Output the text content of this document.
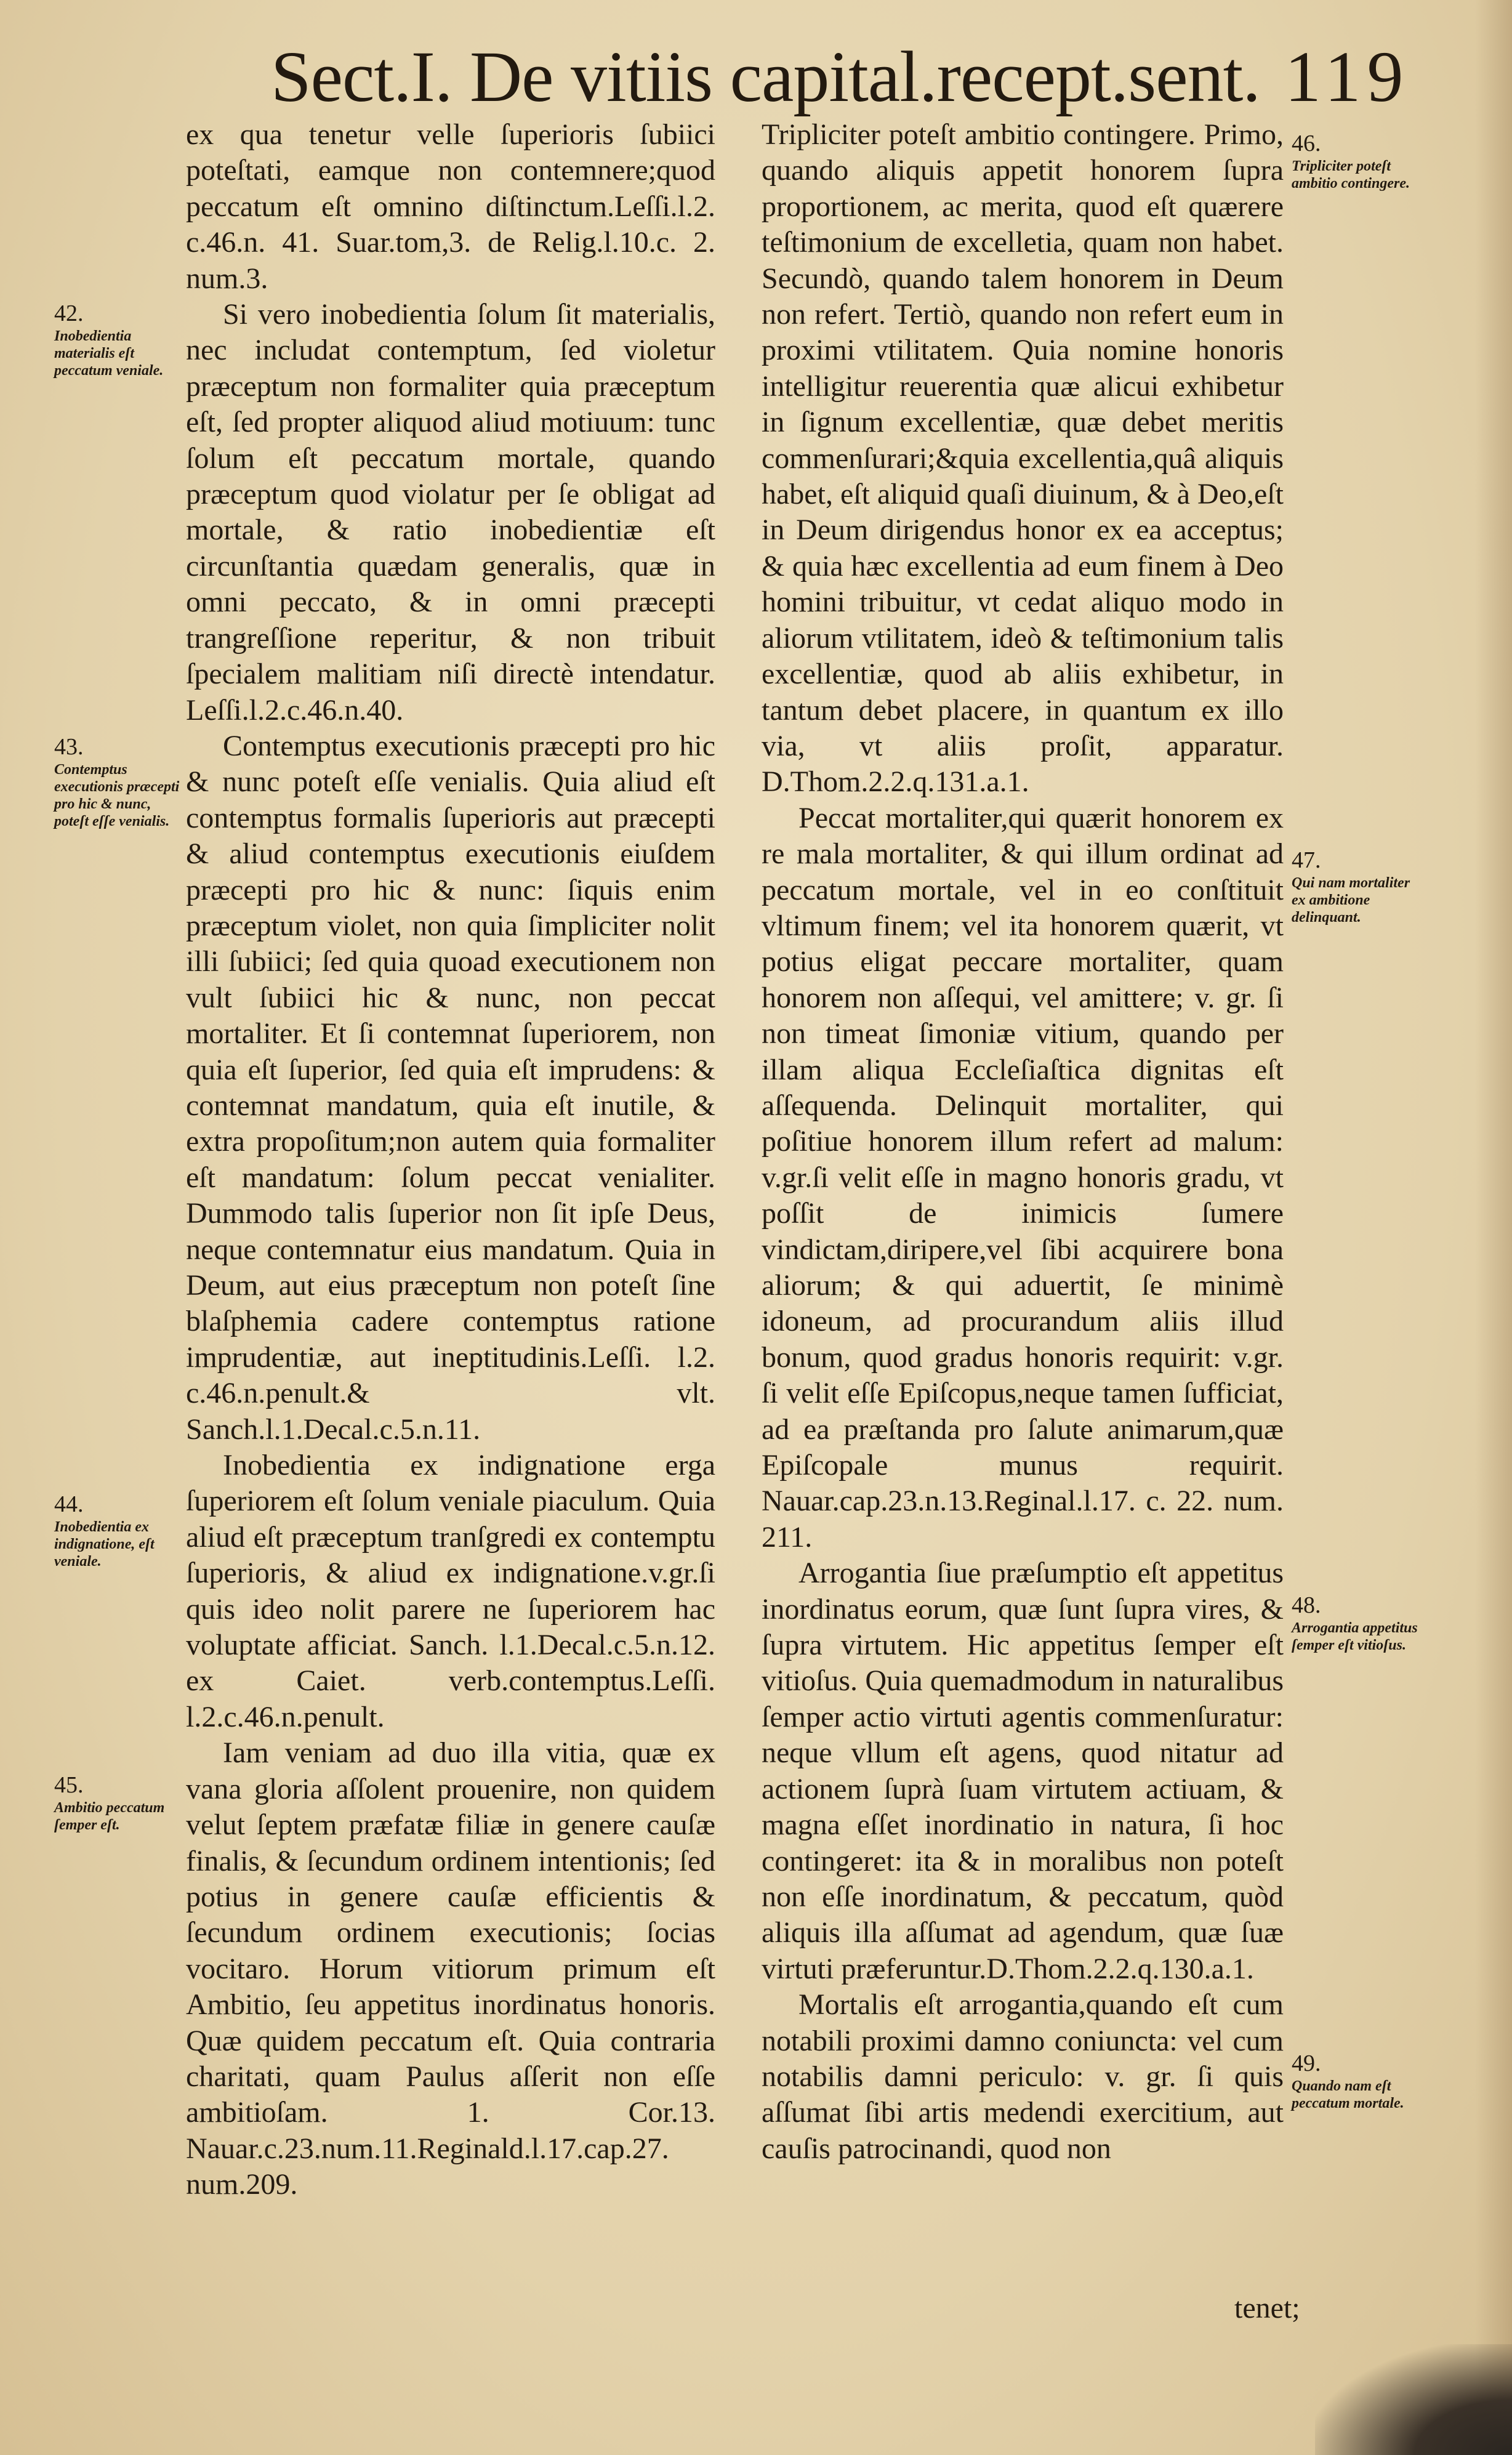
Sect.I. De vitiis capital.recept.sent. 119

ex qua tenetur velle ſuperioris ſubiici poteſtati, eamque non contemnere;quod peccatum eſt omnino diſtinctum.Leſſi.l.2. c.46.n. 41. Suar.tom,3. de Relig.l.10.c. 2. num.3.

Si vero inobedientia ſolum ſit materialis, nec includat contemptum, ſed violetur præceptum non formaliter quia præceptum eſt, ſed propter aliquod aliud motiuum: tunc ſolum eſt peccatum mortale, quando præceptum quod violatur per ſe obligat ad mortale, & ratio inobedientiæ eſt circunſtantia quædam generalis, quæ in omni peccato, & in omni præcepti trangreſſione reperitur, & non tribuit ſpecialem malitiam niſi directè intendatur. Leſſi.l.2.c.46.n.40.

Contemptus executionis præcepti pro hic & nunc poteſt eſſe venialis. Quia aliud eſt contemptus formalis ſuperioris aut præcepti & aliud contemptus executionis eiuſdem præcepti pro hic & nunc: ſiquis enim præceptum violet, non quia ſimpliciter nolit illi ſubiici; ſed quia quoad executionem non vult ſubiici hic & nunc, non peccat mortaliter. Et ſi contemnat ſuperiorem, non quia eſt ſuperior, ſed quia eſt imprudens: & contemnat mandatum, quia eſt inutile, & extra propoſitum;non autem quia formaliter eſt mandatum: ſolum peccat venialiter. Dummodo talis ſuperior non ſit ipſe Deus, neque contemnatur eius mandatum. Quia in Deum, aut eius præceptum non poteſt ſine blaſphemia cadere contemptus ratione imprudentiæ, aut ineptitudinis.Leſſi. l.2. c.46.n.penult.& vlt. Sanch.l.1.Decal.c.5.n.11.

Inobedientia ex indignatione erga ſuperiorem eſt ſolum veniale piaculum. Quia aliud eſt præceptum tranſgredi ex contemptu ſuperioris, & aliud ex indignatione.v.gr.ſi quis ideo nolit parere ne ſuperiorem hac voluptate afficiat. Sanch. l.1.Decal.c.5.n.12. ex Caiet. verb.contemptus.Leſſi. l.2.c.46.n.penult.

Iam veniam ad duo illa vitia, quæ ex vana gloria aſſolent prouenire, non quidem velut ſeptem præfatæ filiæ in genere cauſæ finalis, & ſecundum ordinem intentionis; ſed potius in genere cauſæ efficientis & ſecundum ordinem executionis; ſocias vocitaro. Horum vitiorum primum eſt Ambitio, ſeu appetitus inordinatus honoris. Quæ quidem peccatum eſt. Quia contraria charitati, quam Paulus aſſerit non eſſe ambitioſam. 1. Cor.13. Nauar.c.23.num.11.Reginald.l.17.cap.27. num.209.

Tripliciter poteſt ambitio contingere. Primo, quando aliquis appetit honorem ſupra proportionem, ac merita, quod eſt quærere teſtimonium de excelletia, quam non habet. Secundò, quando talem honorem in Deum non refert. Tertiò, quando non refert eum in proximi vtilitatem. Quia nomine honoris intelligitur reuerentia quæ alicui exhibetur in ſignum excellentiæ, quæ debet meritis commenſurari;&quia excellentia,quâ aliquis habet, eſt aliquid quaſi diuinum, & à Deo,eſt in Deum dirigendus honor ex ea acceptus; & quia hæc excellentia ad eum finem à Deo homini tribuitur, vt cedat aliquo modo in aliorum vtilitatem, ideò & teſtimonium talis excellentiæ, quod ab aliis exhibetur, in tantum debet placere, in quantum ex illo via, vt aliis proſit, apparatur. D.Thom.2.2.q.131.a.1.

Peccat mortaliter,qui quærit honorem ex re mala mortaliter, & qui illum ordinat ad peccatum mortale, vel in eo conſtituit vltimum finem; vel ita honorem quærit, vt potius eligat peccare mortaliter, quam honorem non aſſequi, vel amittere; v. gr. ſi non timeat ſimoniæ vitium, quando per illam aliqua Eccleſiaſtica dignitas eſt aſſequenda. Delinquit mortaliter, qui poſitiue honorem illum refert ad malum: v.gr.ſi velit eſſe in magno honoris gradu, vt poſſit de inimicis ſumere vindictam,diripere,vel ſibi acquirere bona aliorum; & qui aduertit, ſe minimè idoneum, ad procurandum aliis illud bonum, quod gradus honoris requirit: v.gr. ſi velit eſſe Epiſcopus,neque tamen ſufficiat, ad ea præſtanda pro ſalute animarum,quæ Epiſcopale munus requirit. Nauar.cap.23.n.13.Reginal.l.17. c. 22. num. 211.

Arrogantia ſiue præſumptio eſt appetitus inordinatus eorum, quæ ſunt ſupra vires, & ſupra virtutem. Hic appetitus ſemper eſt vitioſus. Quia quemadmodum in naturalibus ſemper actio virtuti agentis commenſuratur: neque vllum eſt agens, quod nitatur ad actionem ſuprà ſuam virtutem actiuam, & magna eſſet inordinatio in natura, ſi hoc contingeret: ita & in moralibus non poteſt non eſſe inordinatum, & peccatum, quòd aliquis illa aſſumat ad agendum, quæ ſuæ virtuti præferuntur.D.Thom.2.2.q.130.a.1.

Mortalis eſt arrogantia,quando eſt cum notabili proximi damno coniuncta: vel cum notabilis damni periculo: v. gr. ſi quis aſſumat ſibi artis medendi exercitium, aut cauſis patrocinandi, quod non

tenet;
42.
Inobedientia materialis eſt peccatum veniale.
43.
Contemptus executionis præcepti pro hic & nunc, poteſt eſſe venialis.
44.
Inobedientia ex indignatione, eſt veniale.
45.
Ambitio peccatum ſemper eſt.
46.
Tripliciter poteſt ambitio contingere.
47.
Qui nam mortaliter ex ambitione delinquant.
48.
Arrogantia appetitus ſemper eſt vitioſus.
49.
Quando nam eſt peccatum mortale.
